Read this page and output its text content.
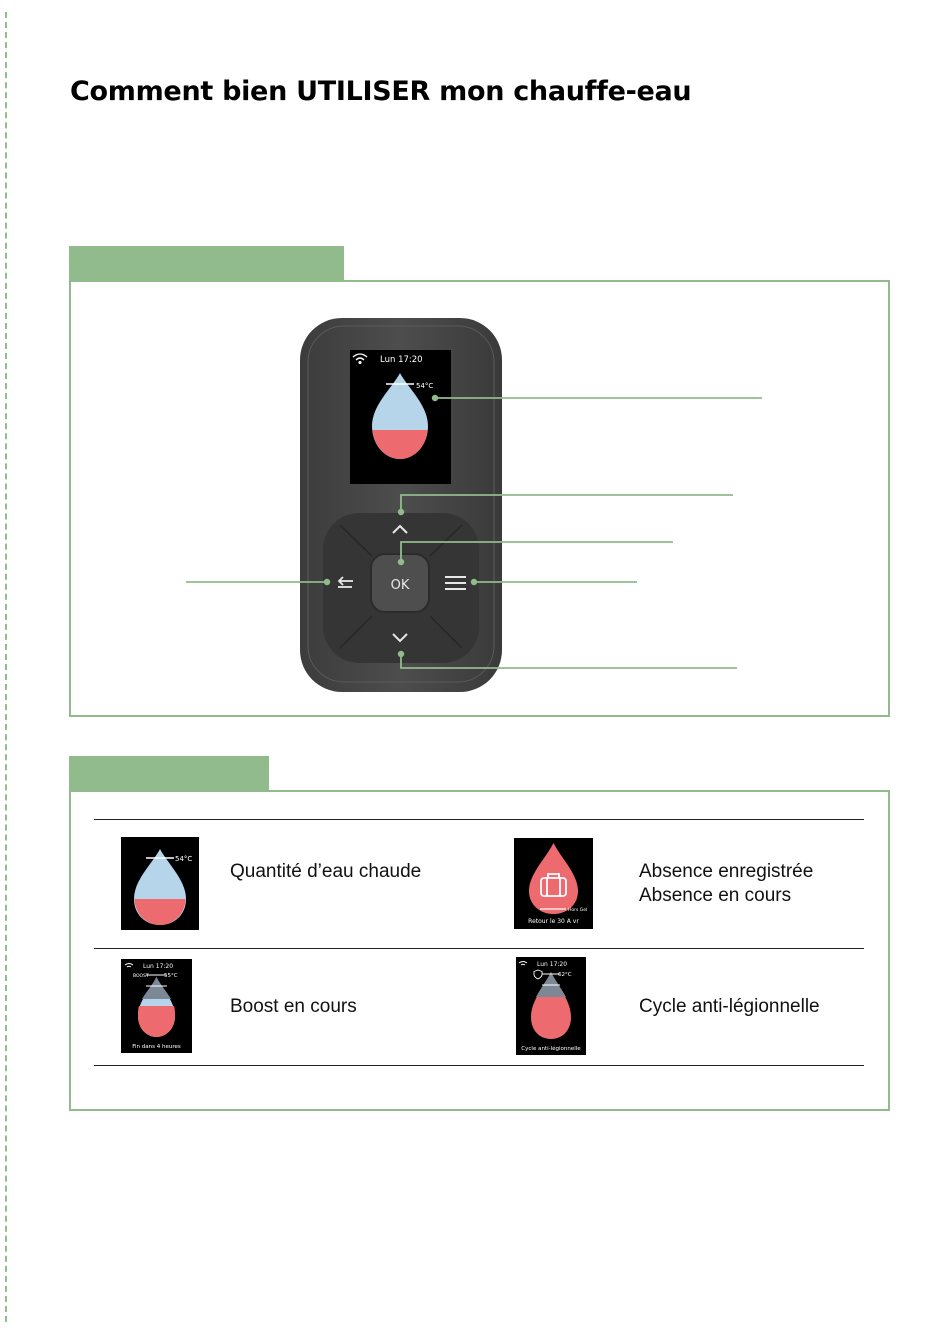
Comment bien UTILISER mon chauffe-eau
Lun 17:20
54°C
OK
54°C
Quantité d’eau chaude
Hors Gel
Retour le 30 A vr
Absence enregistrée
Absence en cours
Lun 17:20
BOOST	55°C
Fin dans 4 heures
Boost en cours
Lun 17:20
62°C
Cycle anti-légionnelle
Cycle anti-légionnelle
